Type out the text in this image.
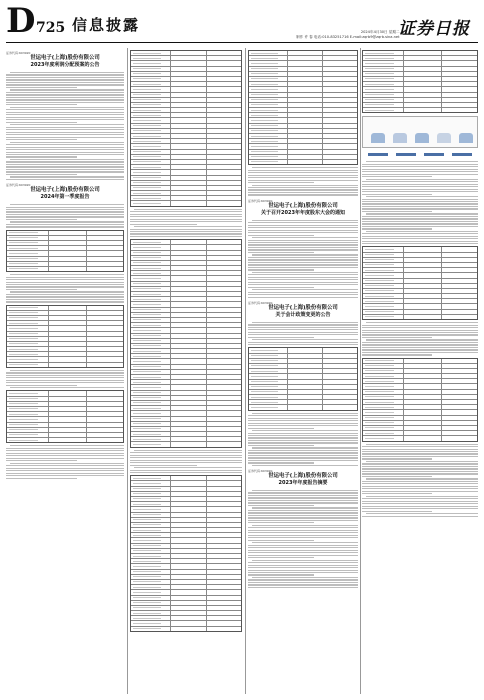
D 725 信息披露	2024年4月30日 星期二
制作 许 春 电话:010-83251716 E-mail:zqrb9@zqrb.sina.net
证券日报
证券代码:603920
世运电子(上海)股份有限公司
2023年度利润分配预案的公告
证券代码:603920
世运电子(上海)股份有限公司
2024年第一季度报告
证券代码:603920
世运电子(上海)股份有限公司
关于召开2023年年度股东大会的通知
证券代码:603920
世运电子(上海)股份有限公司
关于会计政策变更的公告
证券代码:603920
世运电子(上海)股份有限公司
2023年年度报告摘要
